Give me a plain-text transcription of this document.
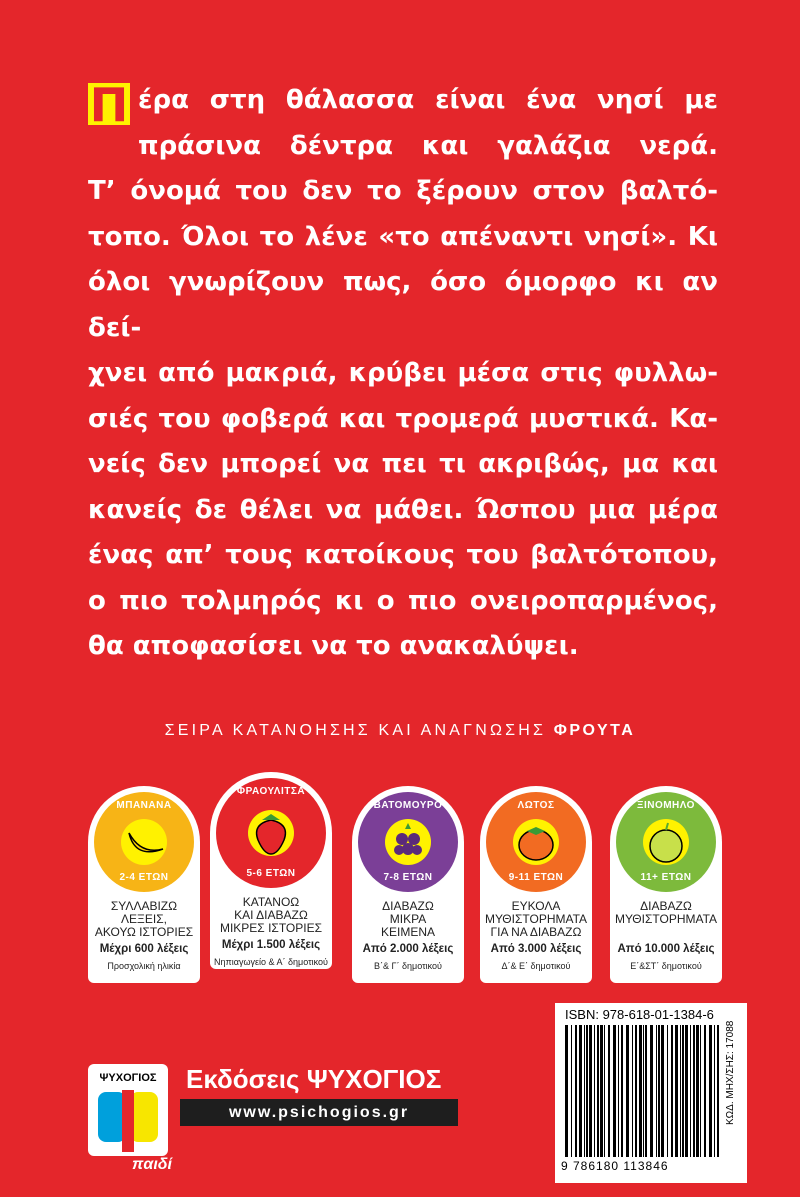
Π έρα στη θάλασσα είναι ένα νησί με
πράσινα δέντρα και γαλάζια νερά.
Τ’ όνομά του δεν το ξέρουν στον βαλτό-
τοπο. Όλοι το λένε «το απέναντι νησί». Κι
όλοι γνωρίζουν πως, όσο όμορφο κι αν δεί-
χνει από μακριά, κρύβει μέσα στις φυλλω-
σιές του φοβερά και τρομερά μυστικά. Κα-
νείς δεν μπορεί να πει τι ακριβώς, μα και
κανείς δε θέλει να μάθει. Ώσπου μια μέρα
ένας απ’ τους κατοίκους του βαλτότοπου,
ο πιο τολμηρός κι ο πιο ονειροπαρμένος,
θα αποφασίσει να το ανακαλύψει.
ΣΕΙΡΑ ΚΑΤΑΝΟΗΣΗΣ ΚΑΙ ΑΝΑΓΝΩΣΗΣ ΦΡΟΥΤΑ
ΜΠΑΝΑΝΑ
2-4 ΕΤΩΝ
ΣΥΛΛΑΒΙΖΩ
ΛΕΞΕΙΣ,
ΑΚΟΥΩ ΙΣΤΟΡΙΕΣ
Μέχρι 600 λέξεις
Προσχολική ηλικία
ΦΡΑΟΥΛΙΤΣΑ
5-6 ΕΤΩΝ
ΚΑΤΑΝΟΩ
ΚΑΙ ΔΙΑΒΑΖΩ
ΜΙΚΡΕΣ ΙΣΤΟΡΙΕΣ
Μέχρι 1.500 λέξεις
Νηπιαγωγείο & Α΄ δημοτικού
ΒΑΤΟΜΟΥΡΟ
7-8 ΕΤΩΝ
ΔΙΑΒΑΖΩ
ΜΙΚΡΑ
ΚΕΙΜΕΝΑ
Από 2.000 λέξεις
Β΄& Γ΄ δημοτικού
ΛΩΤΟΣ
9-11 ΕΤΩΝ
ΕΥΚΟΛΑ
ΜΥΘΙΣΤΟΡΗΜΑΤΑ
ΓΙΑ ΝΑ ΔΙΑΒΑΖΩ
Από 3.000 λέξεις
Δ΄& Ε΄ δημοτικού
ΞΙΝΟΜΗΛΟ
11+ ΕΤΩΝ
ΔΙΑΒΑΖΩ
ΜΥΘΙΣΤΟΡΗΜΑΤΑ
Από 10.000 λέξεις
Ε΄&ΣΤ΄ δημοτικού
ISBN: 978-618-01-1384-6
9 786180 113846
ΚΩΔ. ΜΗΧ/ΣΗΣ: 17088
ΨΥΧΟΓΙΟΣ
παιδί
Εκδόσεις ΨΥΧΟΓΙΟΣ
www.psichogios.gr
